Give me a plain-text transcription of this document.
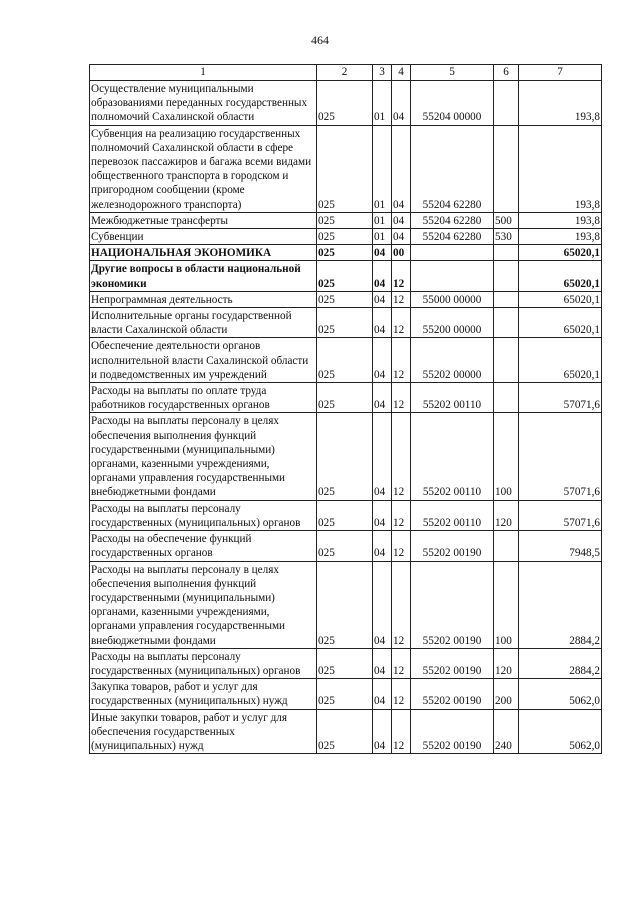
464
1	2	3	4	5	6	7
Осуществление муниципальными образованиями переданных государственных полномочий Сахалинской области	025	01	04	55204 00000		193,8
Субвенция на реализацию государственных полномочий Сахалинской области в сфере перевозок пассажиров и багажа всеми видами общественного транспорта в городском и пригородном сообщении (кроме железнодорожного транспорта)	025	01	04	55204 62280		193,8
Межбюджетные трансферты	025	01	04	55204 62280	500	193,8
Субвенции	025	01	04	55204 62280	530	193,8
НАЦИОНАЛЬНАЯ ЭКОНОМИКА	025	04	00			65020,1
Другие вопросы в области национальной экономики	025	04	12			65020,1
Непрограммная деятельность	025	04	12	55000 00000		65020,1
Исполнительные органы государственной власти Сахалинской области	025	04	12	55200 00000		65020,1
Обеспечение деятельности органов исполнительной власти Сахалинской области и подведомственных им учреждений	025	04	12	55202 00000		65020,1
Расходы на выплаты по оплате труда работников государственных органов	025	04	12	55202 00110		57071,6
Расходы на выплаты персоналу в целях обеспечения выполнения функций государственными (муниципальными) органами, казенными учреждениями, органами управления государственными внебюджетными фондами	025	04	12	55202 00110	100	57071,6
Расходы на выплаты персоналу государственных (муниципальных) органов	025	04	12	55202 00110	120	57071,6
Расходы на обеспечение функций государственных органов	025	04	12	55202 00190		7948,5
Расходы на выплаты персоналу в целях обеспечения выполнения функций государственными (муниципальными) органами, казенными учреждениями, органами управления государственными внебюджетными фондами	025	04	12	55202 00190	100	2884,2
Расходы на выплаты персоналу государственных (муниципальных) органов	025	04	12	55202 00190	120	2884,2
Закупка товаров, работ и услуг для государственных (муниципальных) нужд	025	04	12	55202 00190	200	5062,0
Иные закупки товаров, работ и услуг для обеспечения государственных (муниципальных) нужд	025	04	12	55202 00190	240	5062,0
